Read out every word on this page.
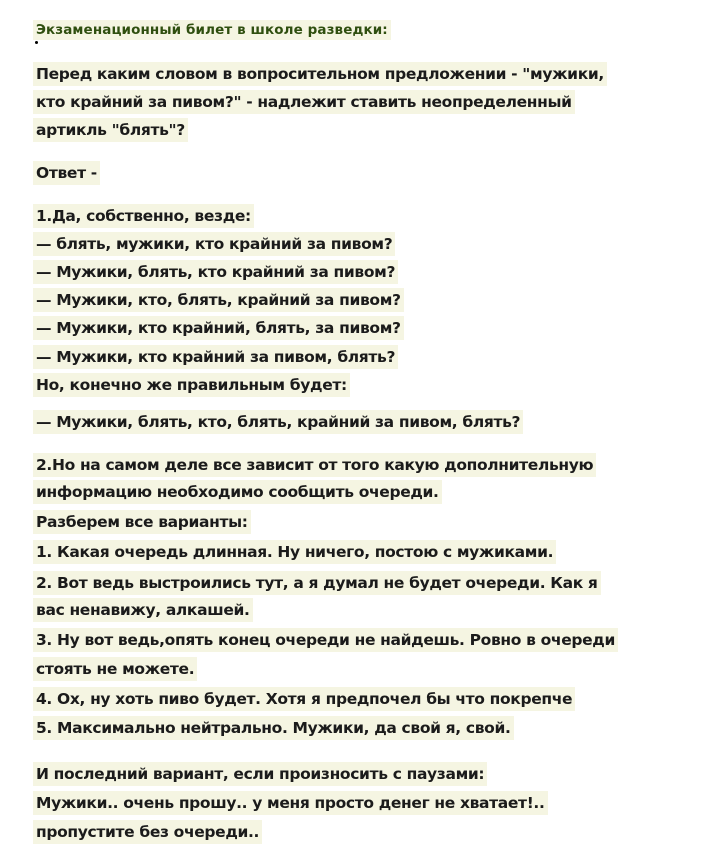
Экзаменационный билет в школе разведки:
Перед каким словом в вопросительном предложении - "мужики,
кто крайний за пивом?" - надлежит ставить неопределенный
артикль "блять"?
Ответ -
1.Да, собственно, везде:
— блять, мужики, кто крайний за пивом?
— Мужики, блять, кто крайний за пивом?
— Мужики, кто, блять, крайний за пивом?
— Мужики, кто крайний, блять, за пивом?
— Мужики, кто крайний за пивом, блять?
Но, конечно же правильным будет:
— Мужики, блять, кто, блять, крайний за пивом, блять?
2.Но на самом деле все зависит от того какую дополнительную
информацию необходимо сообщить очереди.
Разберем все варианты:
1. Какая очередь длинная. Ну ничего, постою с мужиками.
2. Вот ведь выстроились тут, а я думал не будет очереди. Как я
вас ненавижу, алкашей.
3. Ну вот ведь,опять конец очереди не найдешь. Ровно в очереди
стоять не можете.
4. Ох, ну хоть пиво будет. Хотя я предпочел бы что покрепче
5. Максимально нейтрально. Мужики, да свой я, свой.
И последний вариант, если произносить с паузами:
Мужики.. очень прошу.. у меня просто денег не хватает!..
пропустите без очереди..
